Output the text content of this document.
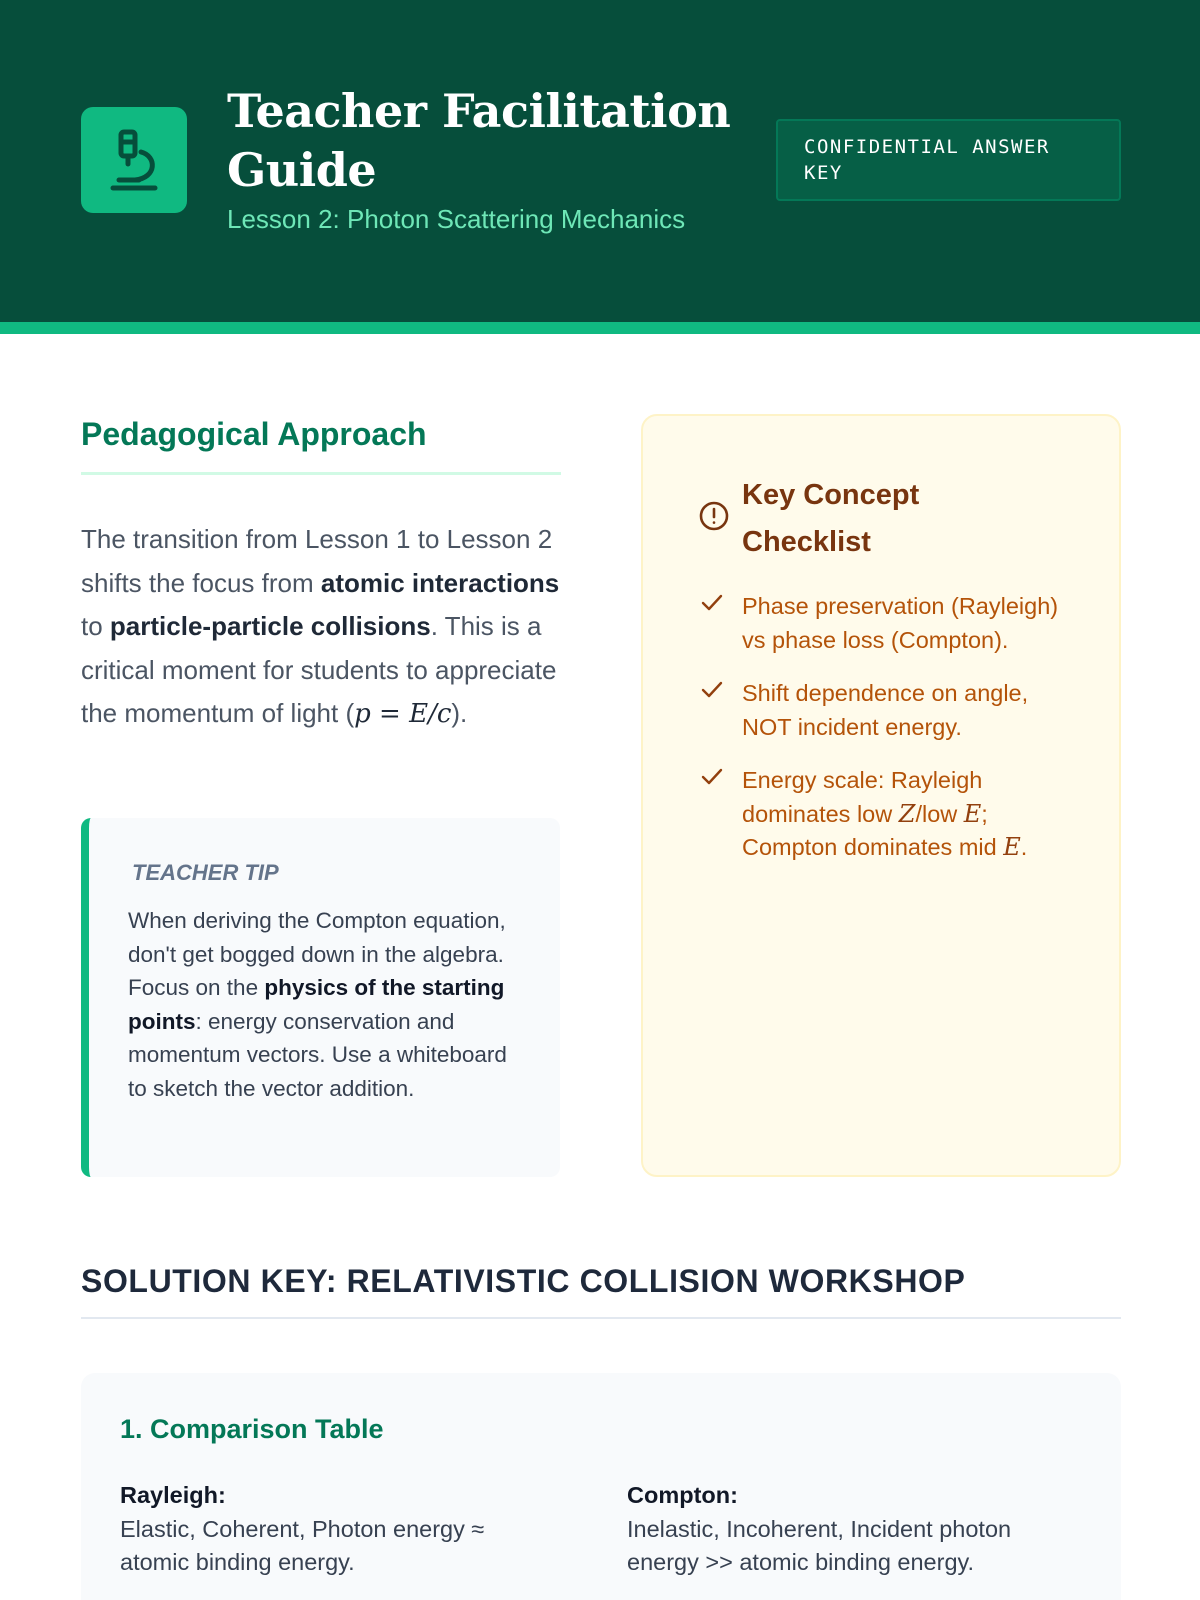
Teacher Facilitation Guide
Lesson 2: Photon Scattering Mechanics
CONFIDENTIAL ANSWER KEY
Pedagogical Approach
The transition from Lesson 1 to Lesson 2 shifts the focus from atomic interactions to particle-particle collisions. This is a critical moment for students to appreciate the momentum of light (p = E/c).
TEACHER TIP
When deriving the Compton equation, don't get bogged down in the algebra. Focus on the physics of the starting points: energy conservation and momentum vectors. Use a whiteboard to sketch the vector addition.
Key Concept Checklist
Phase preservation (Rayleigh) vs phase loss (Compton).
Shift dependence on angle, NOT incident energy.
Energy scale: Rayleigh dominates low Z/low E; Compton dominates mid E.
SOLUTION KEY: RELATIVISTIC COLLISION WORKSHOP
1. Comparison Table
Rayleigh:
Elastic, Coherent, Photon energy ≈ atomic binding energy.
Compton:
Inelastic, Incoherent, Incident photon energy >> atomic binding energy.
